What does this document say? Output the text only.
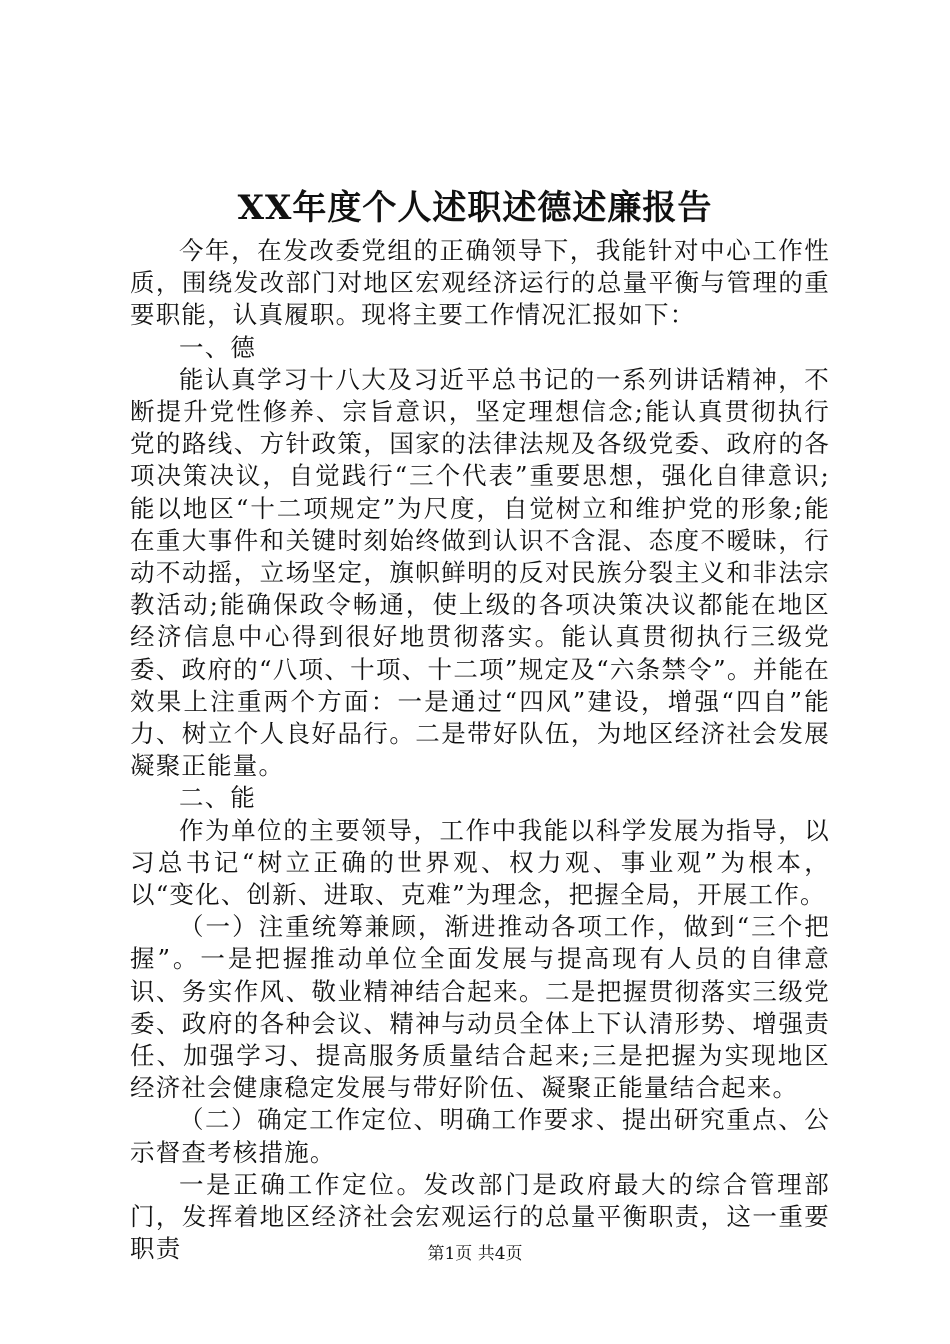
XX年度个人述职述德述廉报告

今年，在发改委党组的正确领导下，我能针对中心工作性质，围绕发改部门对地区宏观经济运行的总量平衡与管理的重要职能，认真履职。现将主要工作情况汇报如下：

一、德

能认真学习十八大及习近平总书记的一系列讲话精神，不断提升党性修养、宗旨意识，坚定理想信念;能认真贯彻执行党的路线、方针政策，国家的法律法规及各级党委、政府的各项决策决议，自觉践行“三个代表”重要思想，强化自律意识;能以地区“十二项规定”为尺度，自觉树立和维护党的形象;能在重大事件和关键时刻始终做到认识不含混、态度不暧昧，行动不动摇，立场坚定，旗帜鲜明的反对民族分裂主义和非法宗教活动;能确保政令畅通，使上级的各项决策决议都能在地区经济信息中心得到很好地贯彻落实。能认真贯彻执行三级党委、政府的“八项、十项、十二项”规定及“六条禁令”。并能在效果上注重两个方面：一是通过“四风”建设，增强“四自”能力、树立个人良好品行。二是带好队伍，为地区经济社会发展凝聚正能量。

二、能

作为单位的主要领导，工作中我能以科学发展为指导，以习总书记“树立正确的世界观、权力观、事业观”为根本，以“变化、创新、进取、克难”为理念，把握全局，开展工作。

（一）注重统筹兼顾，渐进推动各项工作，做到“三个把握”。一是把握推动单位全面发展与提高现有人员的自律意识、务实作风、敬业精神结合起来。二是把握贯彻落实三级党委、政府的各种会议、精神与动员全体上下认清形势、增强责任、加强学习、提高服务质量结合起来;三是把握为实现地区经济社会健康稳定发展与带好阶伍、凝聚正能量结合起来。

（二）确定工作定位、明确工作要求、提出研究重点、公示督查考核措施。

一是正确工作定位。发改部门是政府最大的综合管理部门，发挥着地区经济社会宏观运行的总量平衡职责，这一重要职责	第1页 共4页
